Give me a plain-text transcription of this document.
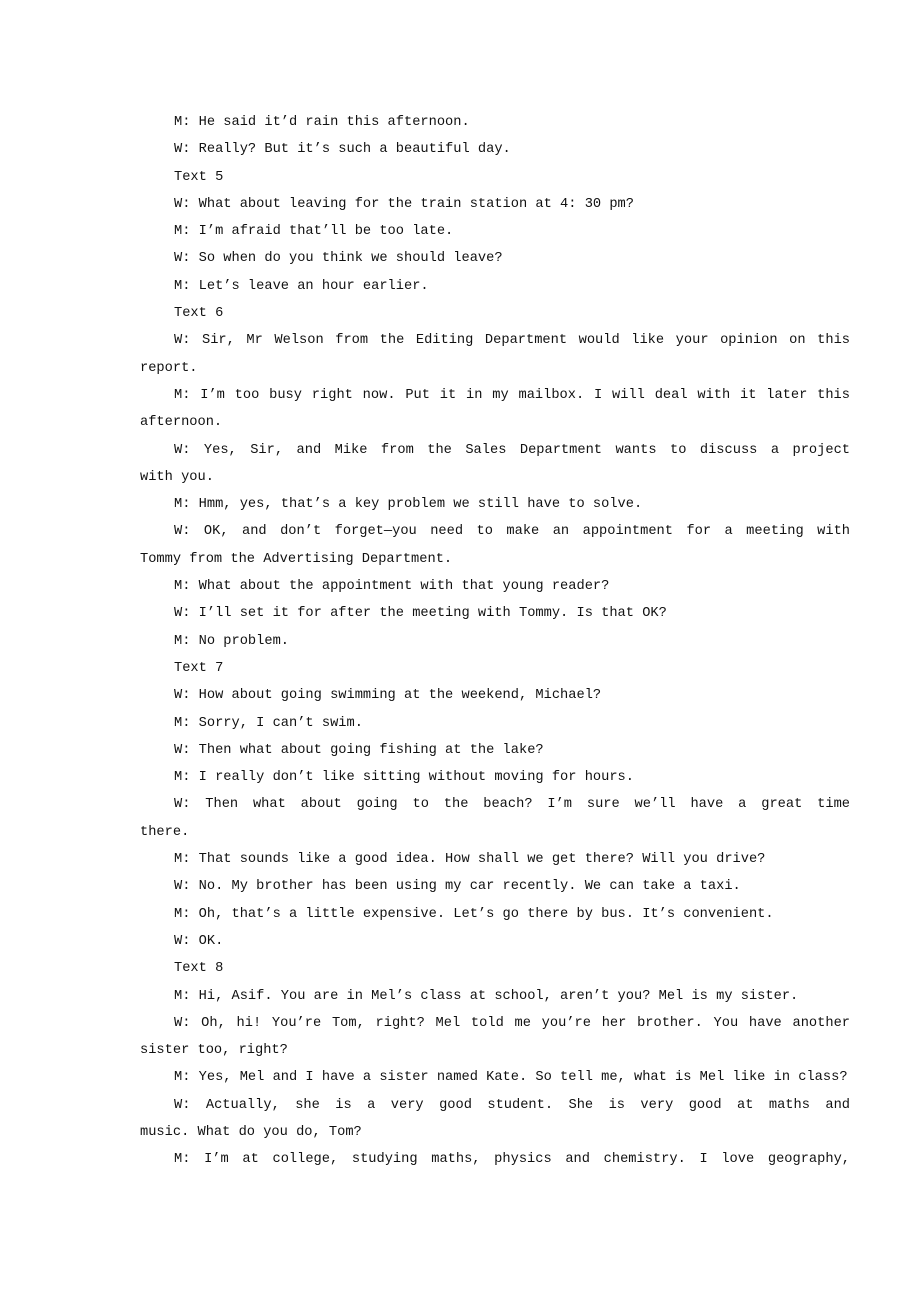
M: He said it’d rain this afternoon.
W: Really? But it’s such a beautiful day.
Text 5
W: What about leaving for the train station at 4: 30 pm?
M: I’m afraid that’ll be too late.
W: So when do you think we should leave?
M: Let’s leave an hour earlier.
Text 6
W: Sir, Mr Welson from the Editing Department would like your opinion on this
report.
M: I’m too busy right now. Put it in my mailbox. I will deal with it later this
afternoon.
W: Yes, Sir, and Mike from the Sales Department wants to discuss a project
with you.
M: Hmm, yes, that’s a key problem we still have to solve.
W: OK, and don’t forget—you need to make an appointment for a meeting with
Tommy from the Advertising Department.
M: What about the appointment with that young reader?
W: I’ll set it for after the meeting with Tommy. Is that OK?
M: No problem.
Text 7
W: How about going swimming at the weekend, Michael?
M: Sorry, I can’t swim.
W: Then what about going fishing at the lake?
M: I really don’t like sitting without moving for hours.
W: Then what about going to the beach? I’m sure we’ll have a great time
there.
M: That sounds like a good idea. How shall we get there? Will you drive?
W: No. My brother has been using my car recently. We can take a taxi.
M: Oh, that’s a little expensive. Let’s go there by bus. It’s convenient.
W: OK.
Text 8
M: Hi, Asif. You are in Mel’s class at school, aren’t you? Mel is my sister.
W: Oh, hi! You’re Tom, right? Mel told me you’re her brother. You have another
sister too, right?
M: Yes, Mel and I have a sister named Kate. So tell me, what is Mel like in class?
W: Actually, she is a very good student. She is very good at maths and
music. What do you do, Tom?
M: I’m at college, studying maths, physics and chemistry. I love geography,
